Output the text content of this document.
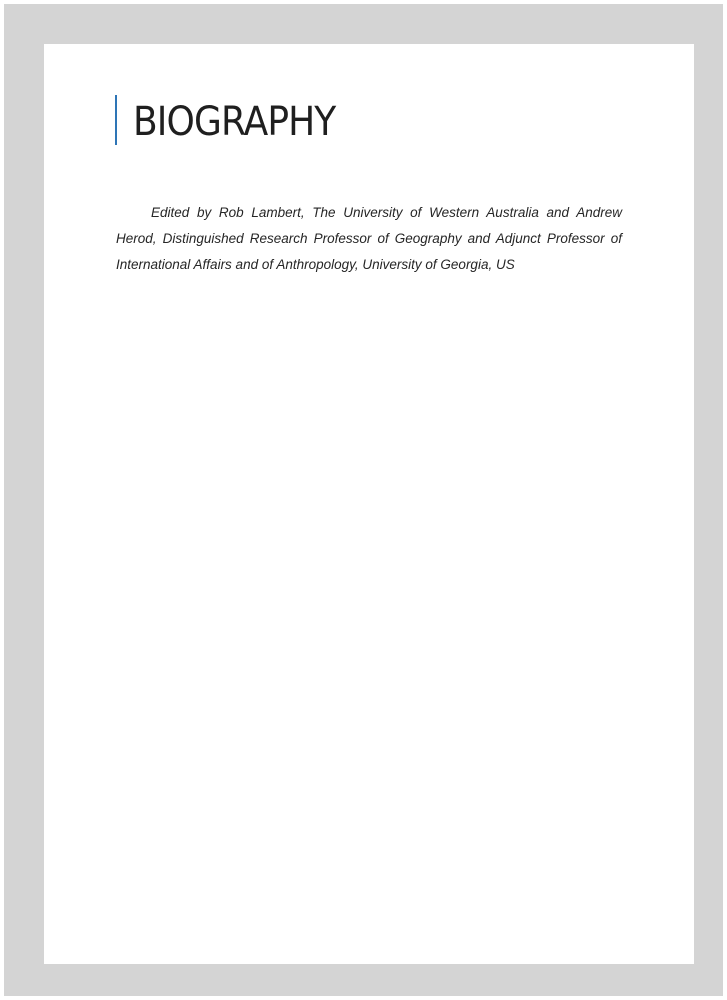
BIOGRAPHY

Edited by Rob Lambert, The University of Western Australia and Andrew Herod, Distinguished Research Professor of Geography and Adjunct Professor of International Affairs and of Anthropology, University of Georgia, US
